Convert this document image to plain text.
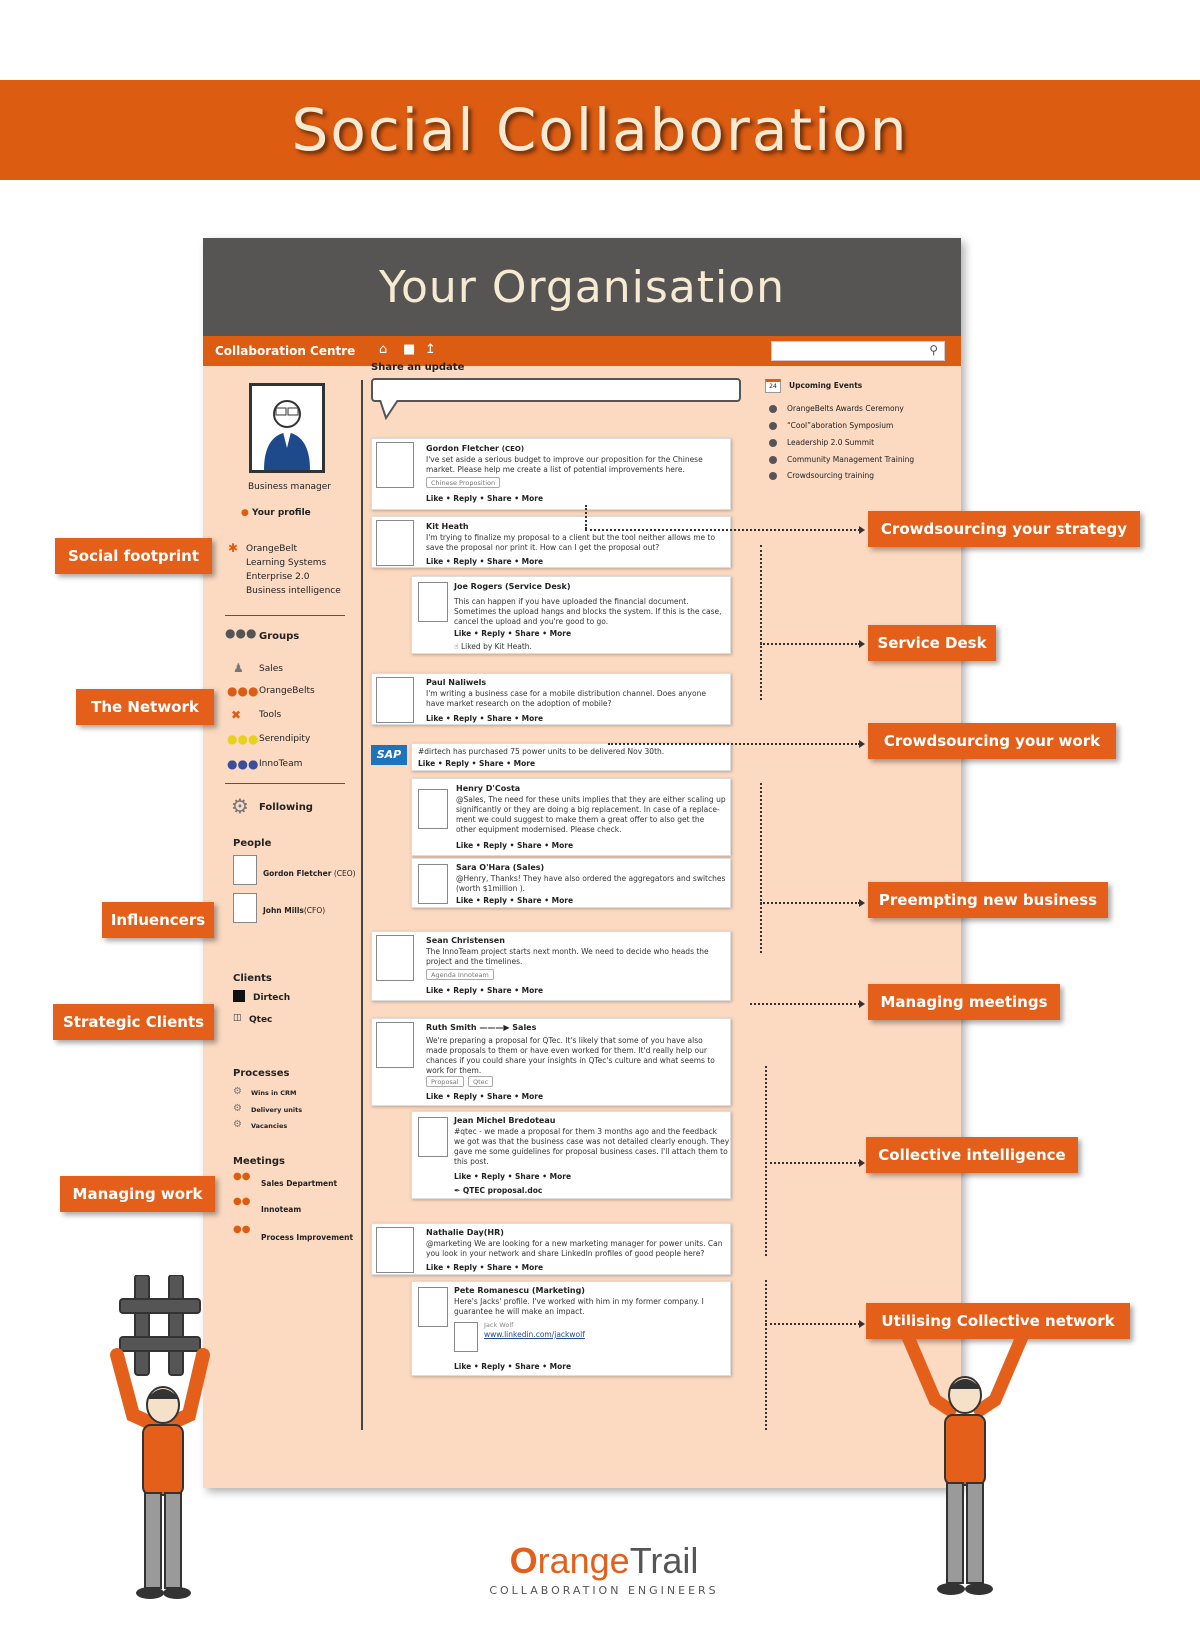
Social Collaboration
Your Organisation
Collaboration Centre ⌂ ■ ↥	⚲
Business manager
● Your profile
✱ OrangeBelt
Learning Systems
Enterprise 2.0
Business intelligence
●●● Groups
♟ Sales
●●● OrangeBelts
✖ Tools
●●● Serendipity
●●● InnoTeam
⚙ Following
People
Gordon Fletcher (CEO)
John Mills(CFO)
Clients
Dirtech
◫ Qtec
Processes
⚙ Wins in CRM
⚙ Delivery units
⚙ Vacancies
Meetings
●●
Sales Department
●●
Innoteam
●●
Process Improvement
Share an update
24	Upcoming Events
OrangeBelts Awards Ceremony
“Cool”aboration Symposium
Leadership 2.0 Summit
Community Management Training
Crowdsourcing training
Gordon Fletcher (CEO)
I've set aside a serious budget to improve our proposition for the Chinese market. Please help me create a list of potential improvements here.
Chinese Proposition
Like • Reply • Share • More
Kit Heath
I'm trying to finalize my proposal to a client but the tool neither allows me to save the proposal nor print it. How can I get the proposal out?
Like • Reply • Share • More
Joe Rogers (Service Desk)
This can happen if you have uploaded the financial document. Sometimes the upload hangs and blocks the system. If this is the case, cancel the upload and you're good to go.
Like • Reply • Share • More
☝ Liked by Kit Heath.
Paul Naliwels
I'm writing a business case for a mobile distribution channel. Does anyone have market research on the adoption of mobile?
Like • Reply • Share • More
SAP	#dirtech has purchased 75 power units to be delivered Nov 30th.
Like • Reply • Share • More
Henry D'Costa
@Sales, The need for these units implies that they are either scaling up significantly or they are doing a big replacement. In case of a replace-ment we could suggest to make them a great offer to also get the other equipment modernised. Please check.
Like • Reply • Share • More
Sara O'Hara (Sales)
@Henry, Thanks! They have also ordered the aggregators and switches (worth $1million ).
Like • Reply • Share • More
Sean Christensen
The InnoTeam project starts next month. We need to decide who heads the project and the timelines.
Agenda Innoteam
Like • Reply • Share • More
Ruth Smith ———▶ Sales
We're preparing a proposal for QTec. It's likely that some of you have also made proposals to them or have even worked for them. It'd really help our chances if you could share your insights in QTec's culture and what seems to work for them.
Proposal	Qtec
Like • Reply • Share • More
Jean Michel Bredoteau
#qtec - we made a proposal for them 3 months ago and the feedback we got was that the business case was not detailed clearly enough. They gave me some guidelines for proposal business cases. I'll attach them to this post.
Like • Reply • Share • More
✒ QTEC proposal.doc
Nathalie Day(HR)
@marketing We are looking for a new marketing manager for power units. Can you look in your network and share LinkedIn profiles of good people here?
Like • Reply • Share • More
Pete Romanescu (Marketing)
Here's Jacks' profile. I've worked with him in my former company. I guarantee he will make an impact.
Jack Wolf
www.linkedin.com/jackwolf
Like • Reply • Share • More
Social footprint
The Network
Influencers
Strategic Clients
Managing work
Crowdsourcing your strategy
Service Desk
Crowdsourcing your work
Preempting new business
Managing meetings
Collective intelligence
Utilising Collective network
OrangeTrail
COLLABORATION ENGINEERS
